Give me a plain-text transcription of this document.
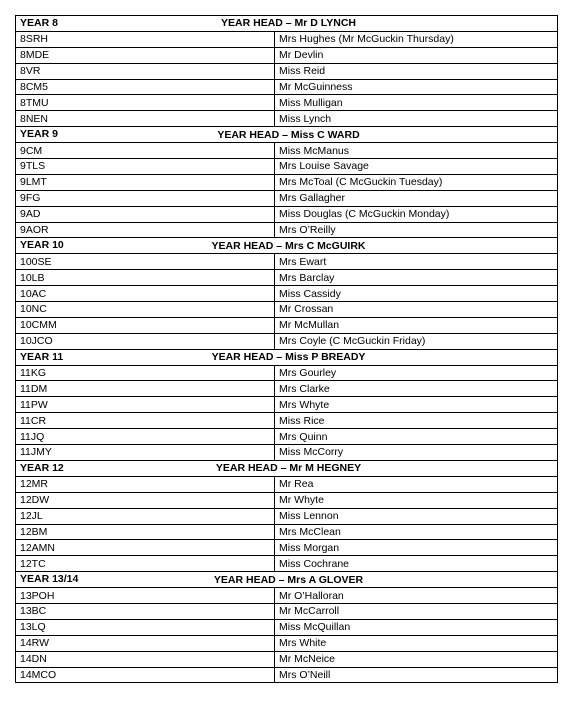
YEAR 8 YEAR HEAD – Mr D LYNCH	

8SRH	Mrs Hughes (Mr McGuckin Thursday)
8MDE	Mr Devlin
8VR	Miss Reid
8CM5	Mr McGuinness
8TMU	Miss Mulligan
8NEN	Miss Lynch

YEAR 9 YEAR HEAD – Miss C WARD	

9CM	Miss McManus
9TLS	Mrs Louise Savage
9LMT	Mrs McToal (C McGuckin Tuesday)
9FG	Mrs Gallagher
9AD	Miss Douglas (C McGuckin Monday)
9AOR	Mrs O’Reilly

YEAR 10 YEAR HEAD – Mrs C McGUIRK	

100SE	Mrs Ewart
10LB	Mrs Barclay
10AC	Miss Cassidy
10NC	Mr Crossan
10CMM	Mr McMullan
10JCO	Mrs Coyle (C McGuckin Friday)

YEAR 11 YEAR HEAD – Miss P BREADY	

11KG	Mrs Gourley
11DM	Mrs Clarke
11PW	Mrs Whyte
11CR	Miss Rice
11JQ	Mrs Quinn
11JMY	Miss McCorry

YEAR 12 YEAR HEAD – Mr M HEGNEY	

12MR	Mr Rea
12DW	Mr Whyte
12JL	Miss Lennon
12BM	Mrs McClean
12AMN	Miss Morgan
12TC	Miss Cochrane

YEAR 13/14 YEAR HEAD – Mrs A GLOVER	

13POH	Mr O’Halloran
13BC	Mr McCarroll
13LQ	Miss McQuillan
14RW	Mrs White
14DN	Mr McNeice
14MCO	Mrs O’Neill
